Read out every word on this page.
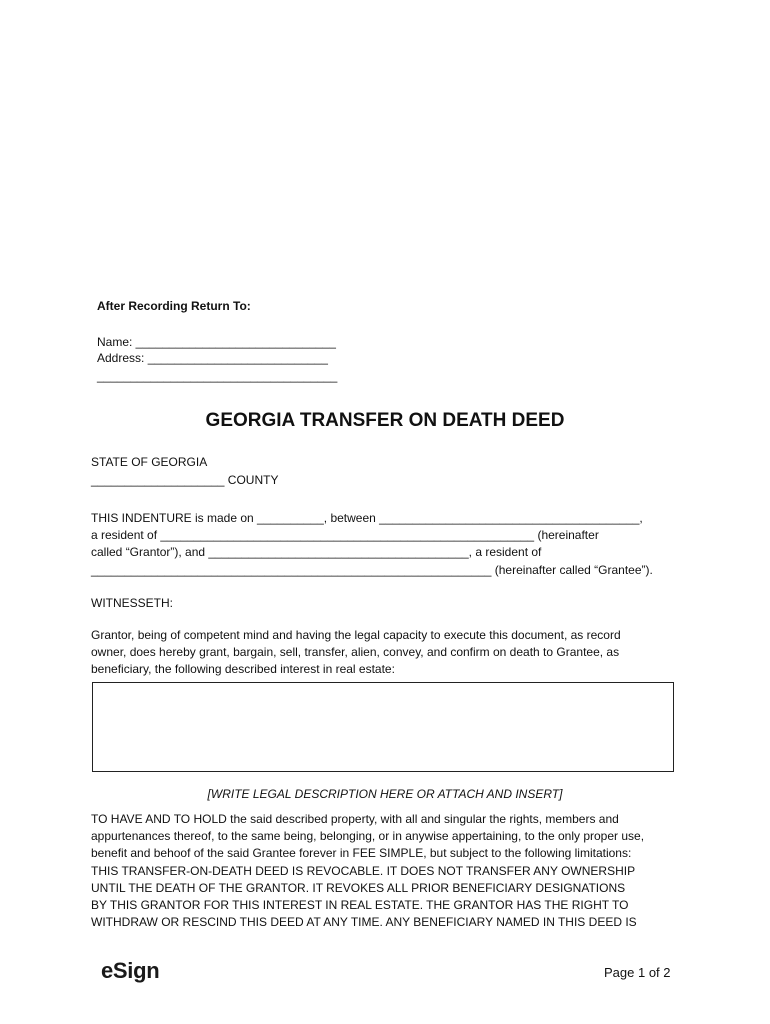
After Recording Return To:
Name: ______________________________
Address: ___________________________
____________________________________
GEORGIA TRANSFER ON DEATH DEED
STATE OF GEORGIA
____________________ COUNTY
THIS INDENTURE is made on __________, between _______________________________________,
a resident of ________________________________________________________ (hereinafter
called “Grantor”), and _______________________________________, a resident of
____________________________________________________________ (hereinafter called “Grantee”).
WITNESSETH:
Grantor, being of competent mind and having the legal capacity to execute this document, as record
owner, does hereby grant, bargain, sell, transfer, alien, convey, and confirm on death to Grantee, as
beneficiary, the following described interest in real estate:
[WRITE LEGAL DESCRIPTION HERE OR ATTACH AND INSERT]
TO HAVE AND TO HOLD the said described property, with all and singular the rights, members and
appurtenances thereof, to the same being, belonging, or in anywise appertaining, to the only proper use,
benefit and behoof of the said Grantee forever in FEE SIMPLE, but subject to the following limitations:
THIS TRANSFER-ON-DEATH DEED IS REVOCABLE. IT DOES NOT TRANSFER ANY OWNERSHIP
UNTIL THE DEATH OF THE GRANTOR. IT REVOKES ALL PRIOR BENEFICIARY DESIGNATIONS
BY THIS GRANTOR FOR THIS INTEREST IN REAL ESTATE. THE GRANTOR HAS THE RIGHT TO
WITHDRAW OR RESCIND THIS DEED AT ANY TIME. ANY BENEFICIARY NAMED IN THIS DEED IS
eSign	Page 1 of 2
